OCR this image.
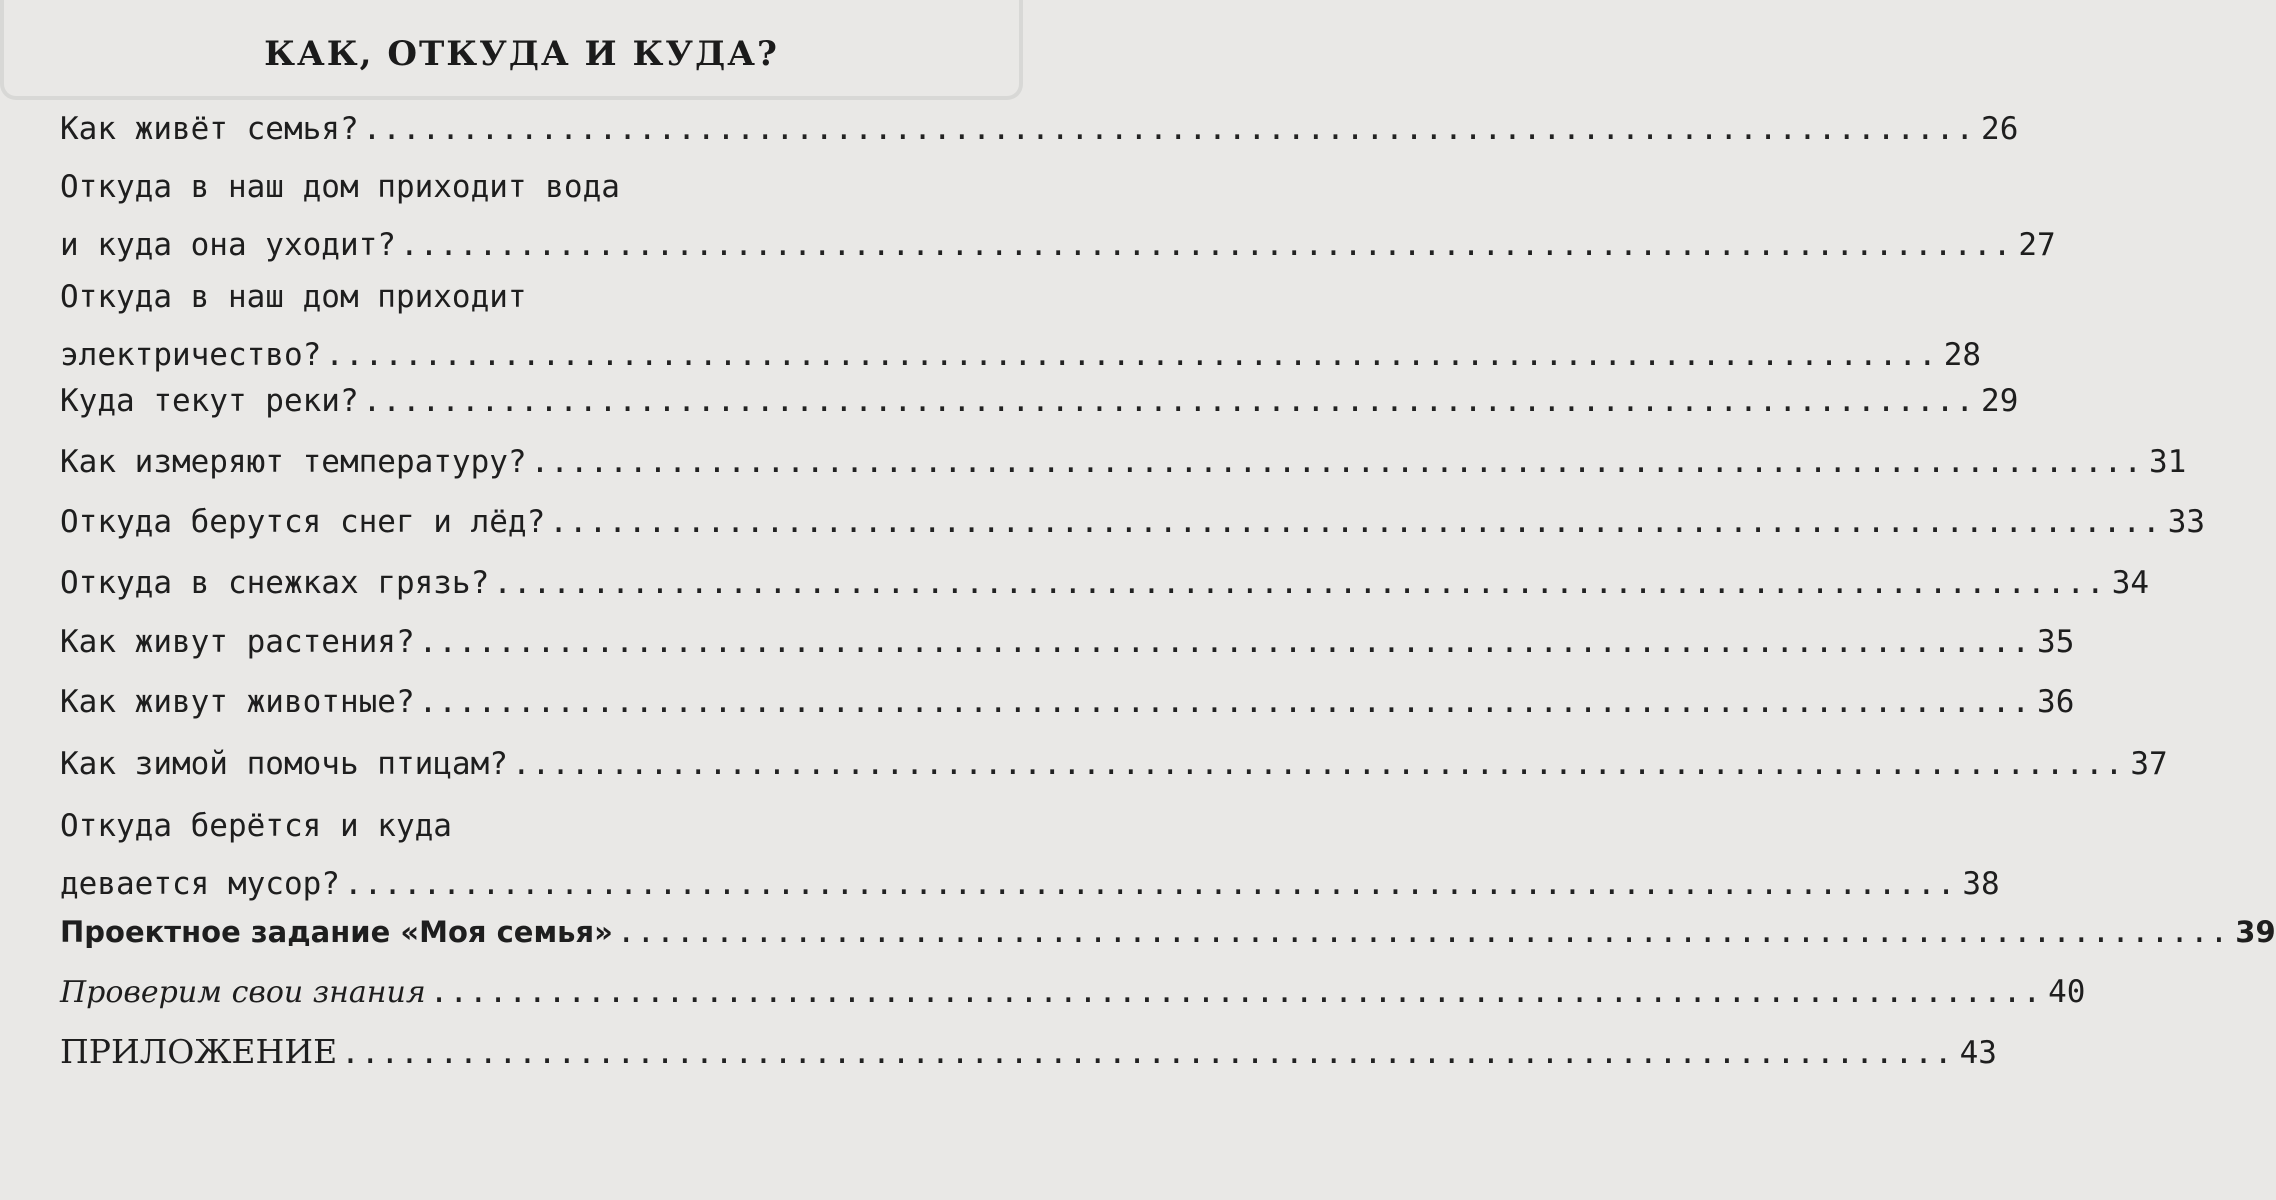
КАК, ОТКУДА И КУДА?
Как живёт семья? .................................................................................. 26
Откуда в наш дом приходит вода
и куда она уходит? .................................................................................. 27
Откуда в наш дом приходит
электричество? .................................................................................. 28
Куда текут реки? .................................................................................. 29
Как измеряют температуру? .................................................................................. 31
Откуда берутся снег и лёд? .................................................................................. 33
Откуда в снежках грязь? .................................................................................. 34
Как живут растения? .................................................................................. 35
Как живут животные? .................................................................................. 36
Как зимой помочь птицам? .................................................................................. 37
Откуда берётся и куда
девается мусор? .................................................................................. 38
Проектное задание «Моя семья» .................................................................................. 39
Проверим свои знания .................................................................................. 40
ПРИЛОЖЕНИЕ .................................................................................. 43
